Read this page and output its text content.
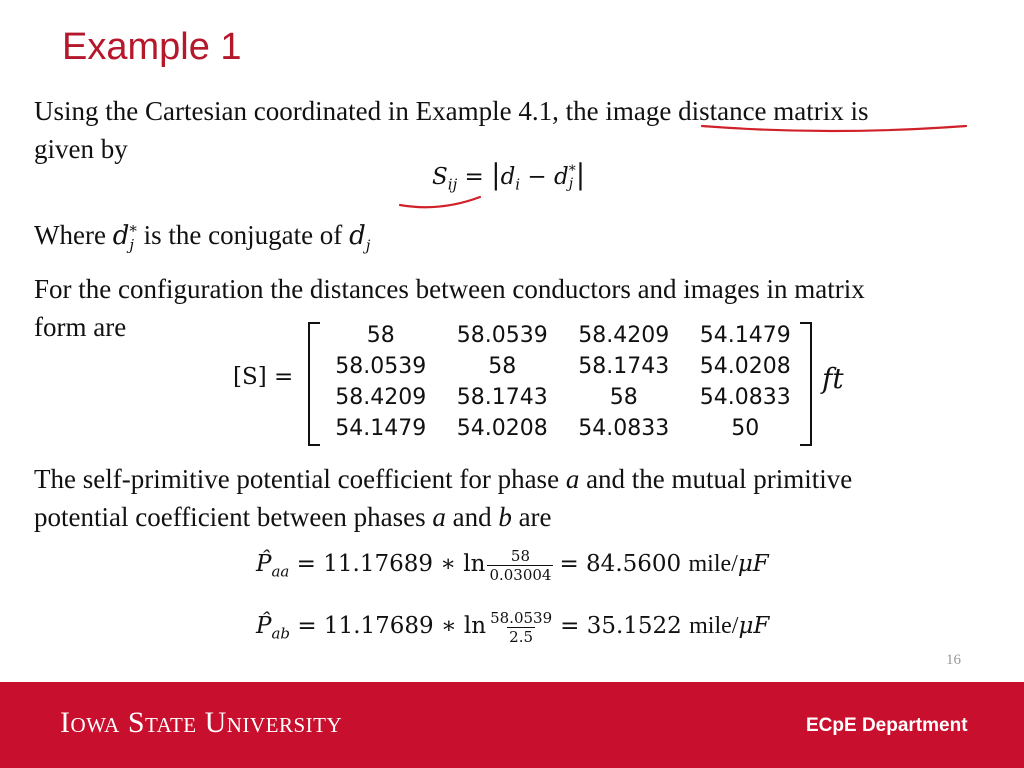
Example 1
Using the Cartesian coordinated in Example 4.1, the image distance matrix is
given by
$S_{ij} = |d_i - d$ *
j |
Where d *
j is the conjugate of $d_j$
For the configuration the distances between conductors and images in matrix
form are
[S] =
58	58.0539	58.4209	54.1479
58.0539	58	58.1743	54.0208
58.4209	58.1743	58	54.0833
54.1479	54.0208	54.0833	50
ft
The self-primitive potential coefficient for phase a and the mutual primitive
potential coefficient between phases a and b are
$P̂_{aa} = 11.17689$ ∗ $\ln \frac{58}{0.03004} = 84.5600$ mile/μF
$P̂_{ab} = 11.17689$ ∗ $\ln \frac{58.0539}{2.5} = 35.1522$ mile/μF
16
Iowa State University	ECpE Department
